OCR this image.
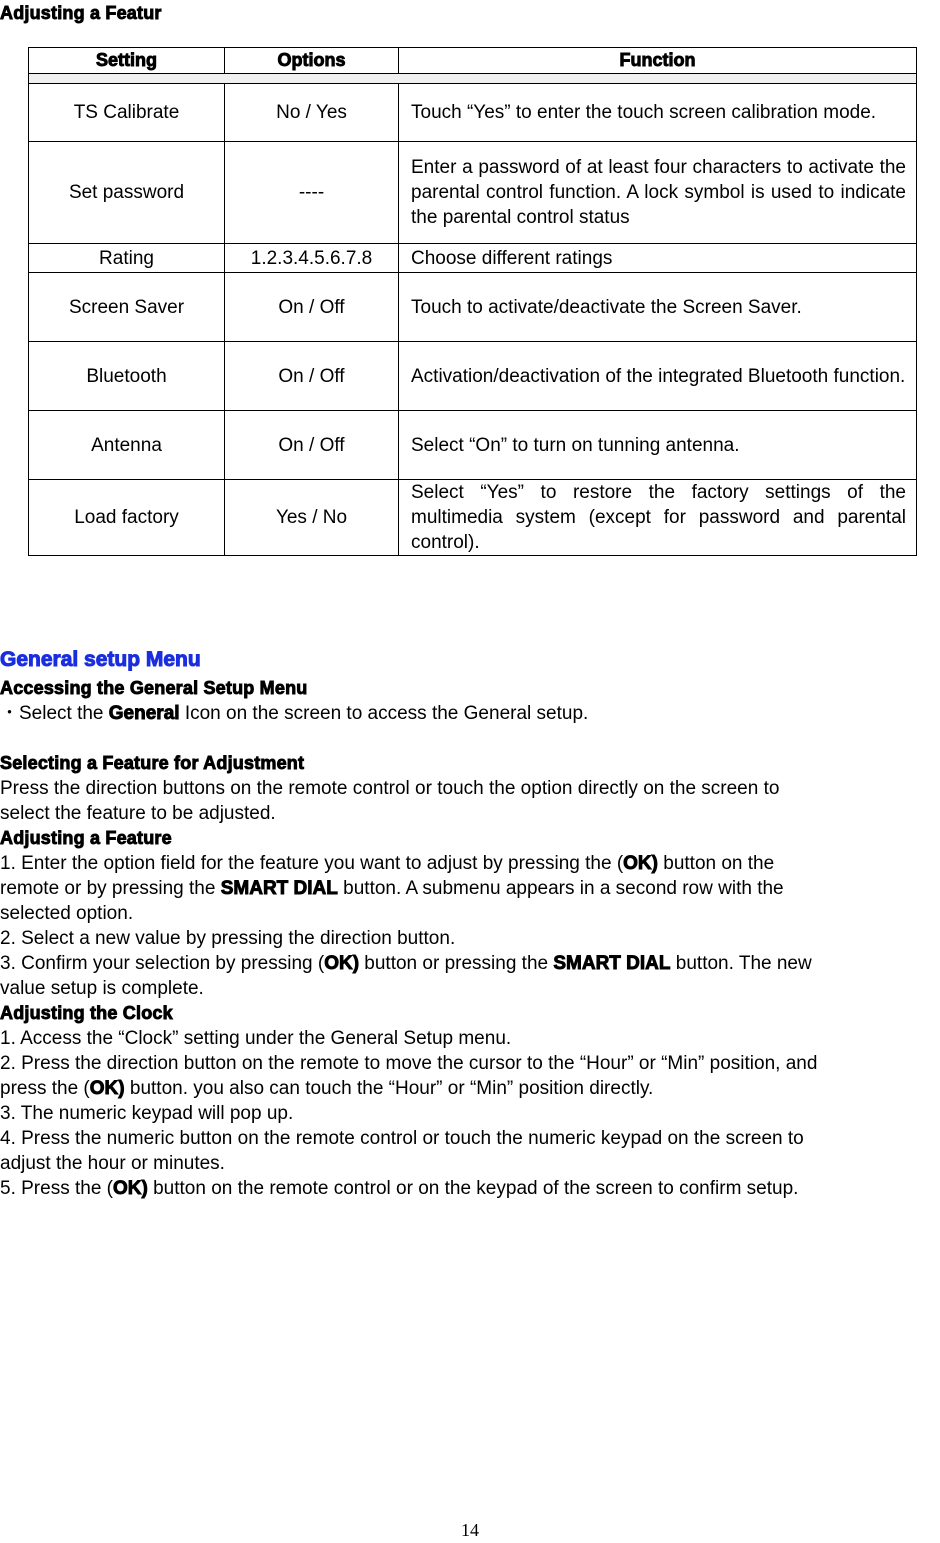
Adjusting a Featur
Setting	Options	Function

TS Calibrate	No / Yes	Touch “Yes” to enter the touch screen calibration mode.
Set password	----	Enter a password of at least four characters to activate the parental control function. A lock symbol is used to indicate the parental control status
Rating	1.2.3.4.5.6.7.8	Choose different ratings
Screen Saver	On / Off	Touch to activate/deactivate the Screen Saver.
Bluetooth	On / Off	Activation/deactivation of the integrated Bluetooth function.
Antenna	On / Off	Select “On” to turn on tunning antenna.
Load factory	Yes / No	Select “Yes” to restore the factory settings of the multimedia system (except for password and parental control).
General setup Menu

Accessing the General Setup Menu

・Select the General Icon on the screen to access the General setup.

Selecting a Feature for Adjustment

Press the direction buttons on the remote control or touch the option directly on the screen to

select the feature to be adjusted.

Adjusting a Feature

1. Enter the option field for the feature you want to adjust by pressing the (OK) button on the

remote or by pressing the SMART DIAL button. A submenu appears in a second row with the

selected option.

2. Select a new value by pressing the direction button.

3. Confirm your selection by pressing (OK) button or pressing the SMART DIAL button. The new

value setup is complete.

Adjusting the Clock

1. Access the “Clock” setting under the General Setup menu.

2. Press the direction button on the remote to move the cursor to the “Hour” or “Min” position, and

press the (OK) button. you also can touch the “Hour” or “Min” position directly.

3. The numeric keypad will pop up.

4. Press the numeric button on the remote control or touch the numeric keypad on the screen to

adjust the hour or minutes.

5. Press the (OK) button on the remote control or on the keypad of the screen to confirm setup.

14
